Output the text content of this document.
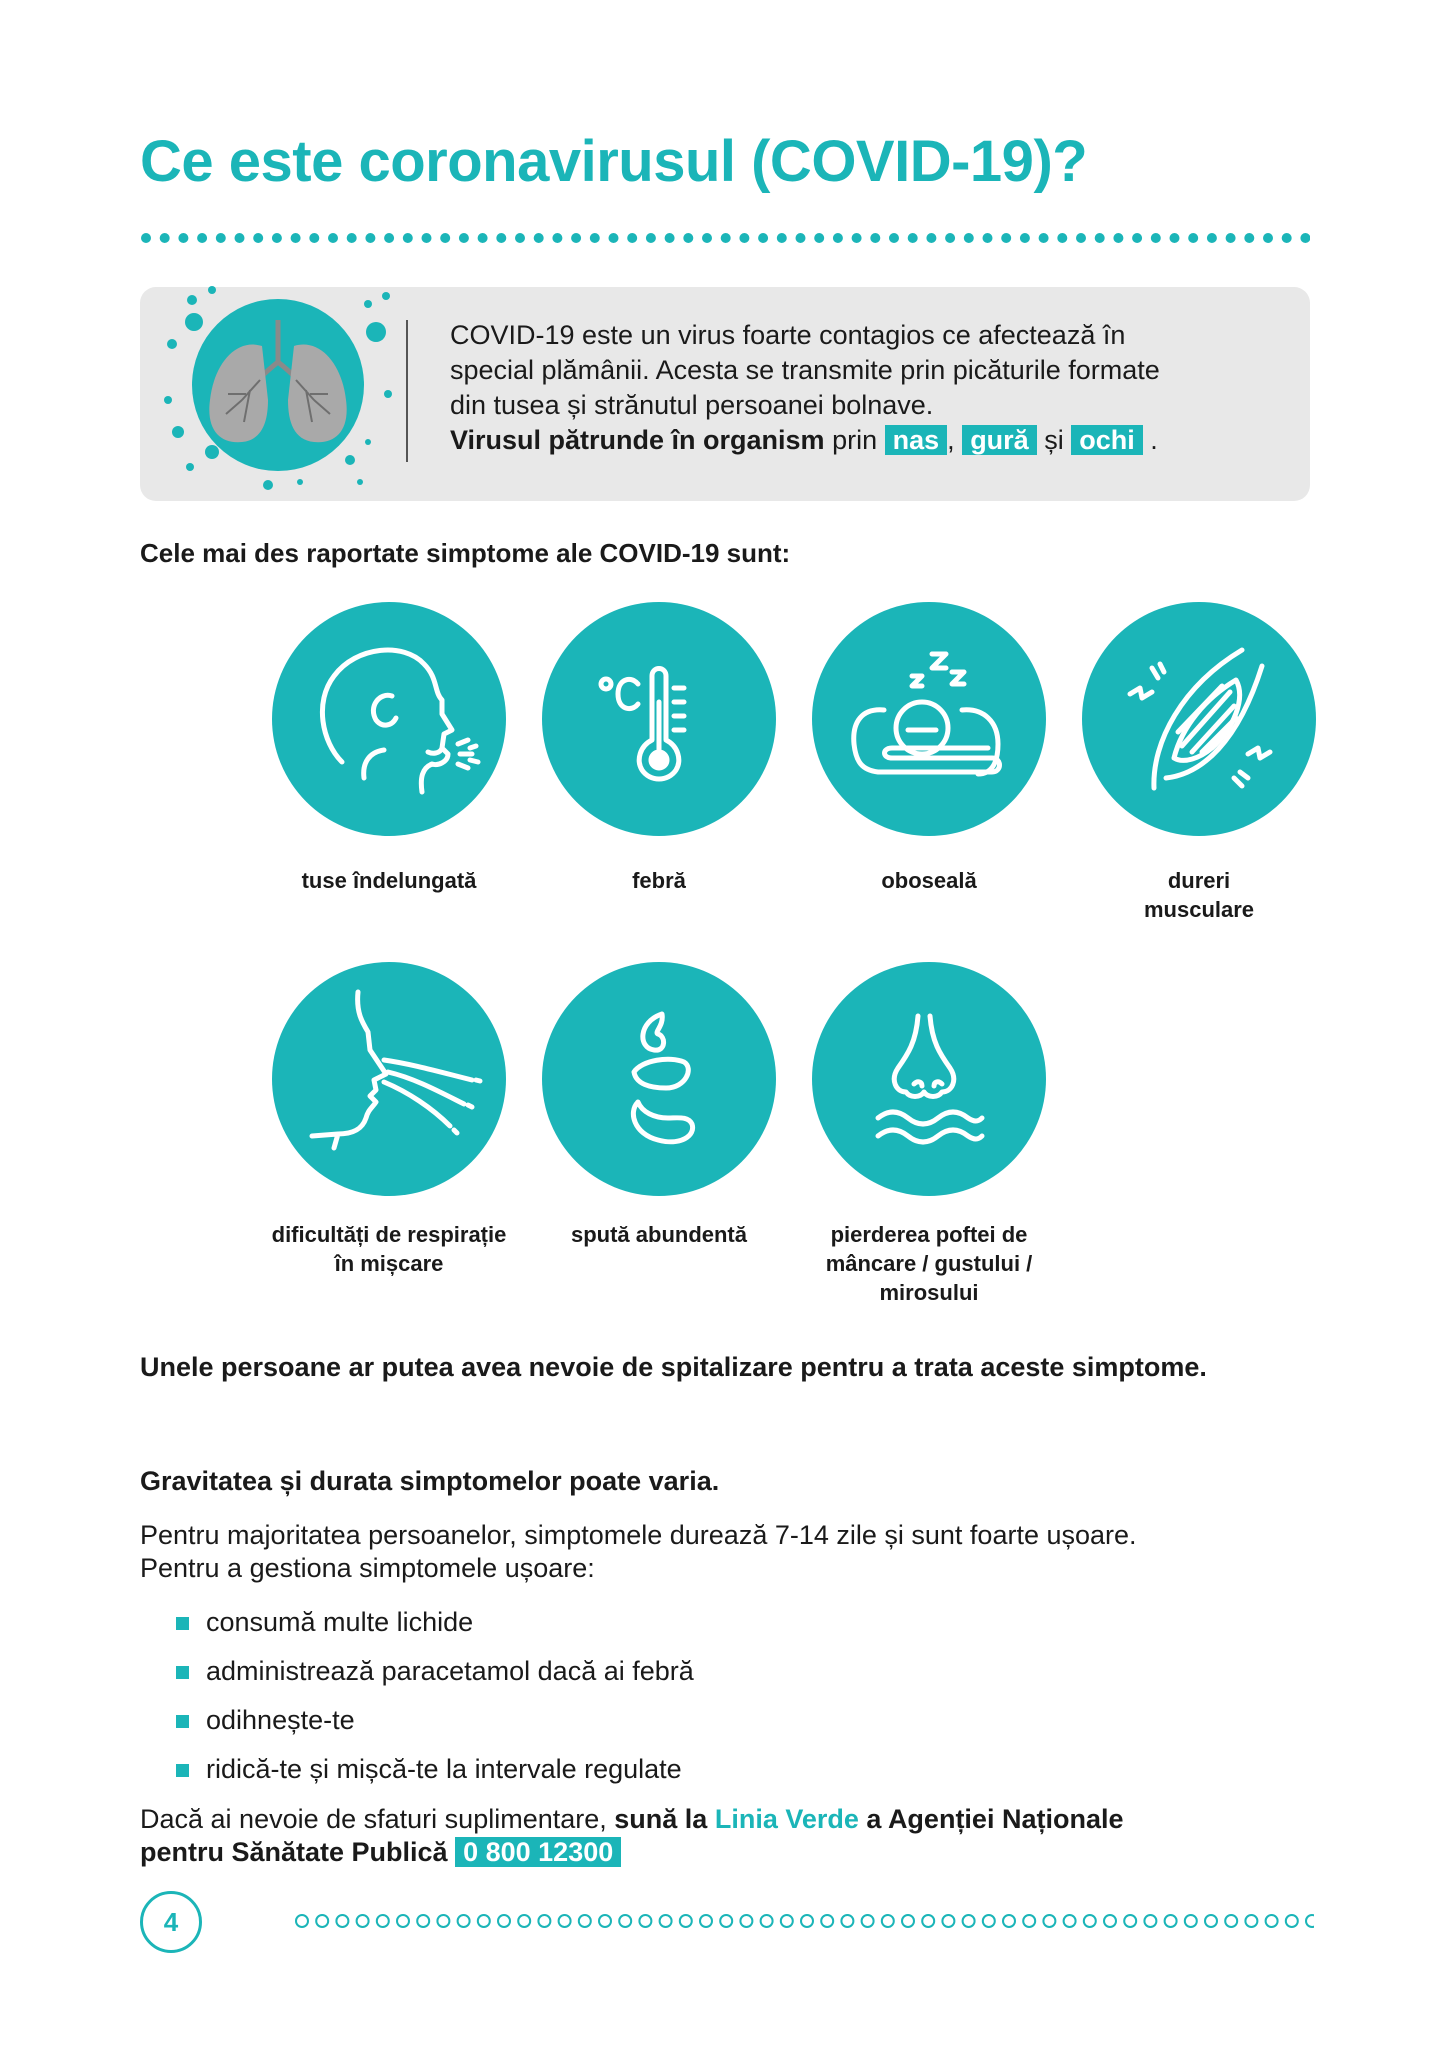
Ce este coronavirusul (COVID-19)?
COVID-19 este un virus foarte contagios ce afectează în
special plămânii. Acesta se transmite prin picăturile formate
din tusea și strănutul persoanei bolnave.
Virusul pătrunde în organism prin nas , gură și ochi .
Cele mai des raportate simptome ale COVID-19 sunt:
tuse îndelungată	febră	oboseală	dureri musculare
dificultăți de respirație în mișcare
spută abundentă	pierderea poftei de mâncare / gustului / mirosului
Unele persoane ar putea avea nevoie de spitalizare pentru a trata aceste simptome.
Gravitatea și durata simptomelor poate varia.
Pentru majoritatea persoanelor, simptomele durează 7-14 zile și sunt foarte ușoare.
Pentru a gestiona simptomele ușoare:
consumă multe lichide
administrează paracetamol dacă ai febră
odihnește-te
ridică-te și mișcă-te la intervale regulate
Dacă ai nevoie de sfaturi suplimentare, sună la Linia Verde a Agenției Naționale
pentru Sănătate Publică 0 800 12300
4
